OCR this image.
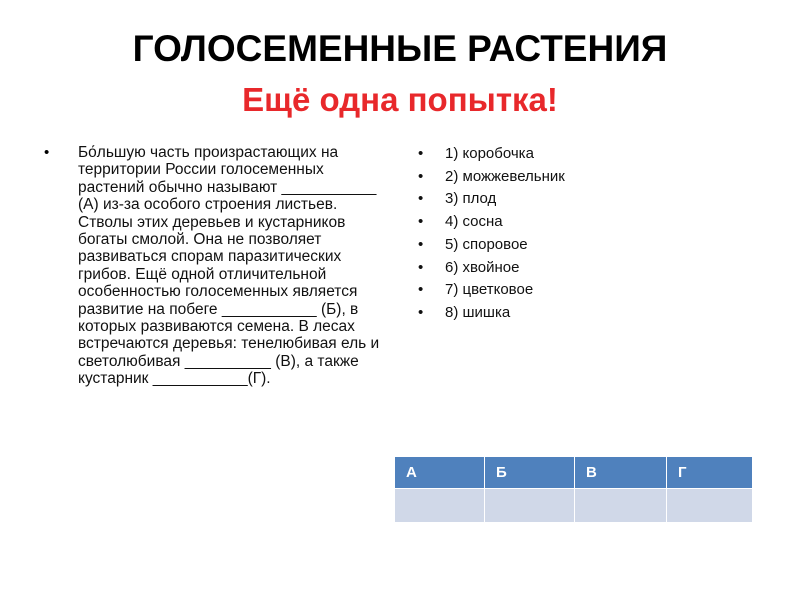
ГОЛОСЕМЕННЫЕ РАСТЕНИЯ
Ещё одна попытка!
• Бо́льшую часть произрастающих на территории России голосеменных растений обычно называют ___________ (А) из-за особого строения листьев. Стволы этих деревьев и кустарников богаты смолой. Она не позволяет развиваться спорам паразитических грибов. Ещё одной отличительной особенностью голосеменных является развитие на побеге ___________ (Б), в которых развиваются семена. В лесах встречаются деревья: тенелюбивая ель и светолюбивая __________ (В), а также кустарник ___________(Г).
• 1) коробочка
• 2) можжевельник
• 3) плод
• 4) сосна
• 5) споровое
• 6) хвойное
• 7) цветковое
• 8) шишка
А	Б	В	Г
